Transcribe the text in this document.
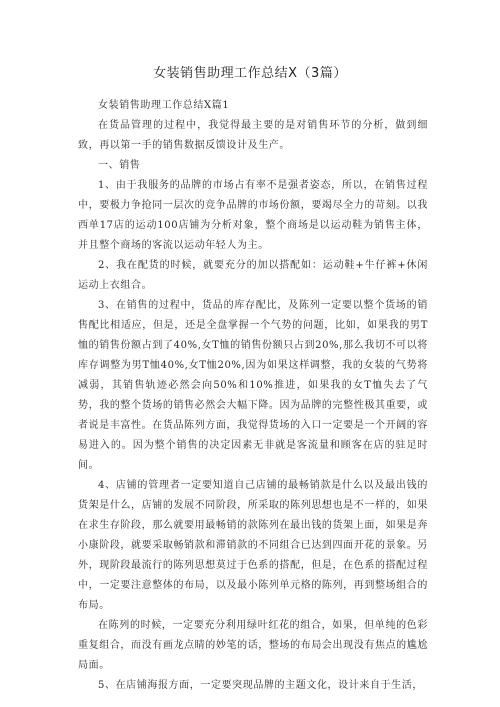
女装销售助理工作总结X（3篇）

女装销售助理工作总结X篇1

在货品管理的过程中，我觉得最主要的是对销售环节的分析，做到细致，再以第一手的销售数据反馈设计及生产。

一、销售

1、由于我服务的品牌的市场占有率不是强者姿态，所以，在销售过程中，要极力争抢同一层次的竞争品牌的市场份额，要竭尽全力的苛刻。以我西单17店的运动100店铺为分析对象，整个商场是以运动鞋为销售主体，并且整个商场的客流以运动年轻人为主。

2、我在配货的时候，就要充分的加以搭配如：运动鞋+牛仔裤+休闲运动上衣组合。

3、在销售的过程中，货品的库存配比，及陈列一定要以整个货场的销售配比相适应，但是，还是全盘掌握一个气势的问题，比如，如果我的男T恤的销售份额占到了40%,女T恤的销售份额只占到20%,那么我切不可以将库存调整为男T恤40%,女T恤20%,因为如果这样调整，我的女装的气势将减弱，其销售轨迹必然会向50%和10%推进，如果我的女T恤失去了气势，我的整个货场的销售必然会大幅下降。因为品牌的完整性极其重要，或者说是丰富性。在货品陈列方面，我觉得货场的入口一定要是一个开阔的容易进入的。因为整个销售的决定因素无非就是客流量和顾客在店的驻足时间。

4、店铺的管理者一定要知道自己店铺的最畅销款是什么以及最出钱的货架是什么，店铺的发展不同阶段，所采取的陈列思想也是不一样的，如果在求生存阶段，那么就要用最畅销的款陈列在最出钱的货架上面，如果是奔小康阶段，就要采取畅销款和滞销款的不同组合已达到四面开花的景象。另外，现阶段最流行的陈列思想莫过于色系的搭配，但是，在色系的搭配过程中，一定要注意整体的布局，以及最小陈列单元格的陈列，再到整场组合的布局。

在陈列的时候，一定要充分利用绿叶红花的组合，如果，但单纯的色彩重复组合，而没有画龙点睛的妙笔的话，整场的布局会出现没有焦点的尴尬局面。

5、在店铺海报方面，一定要突现品牌的主题文化，设计来自于生活，
